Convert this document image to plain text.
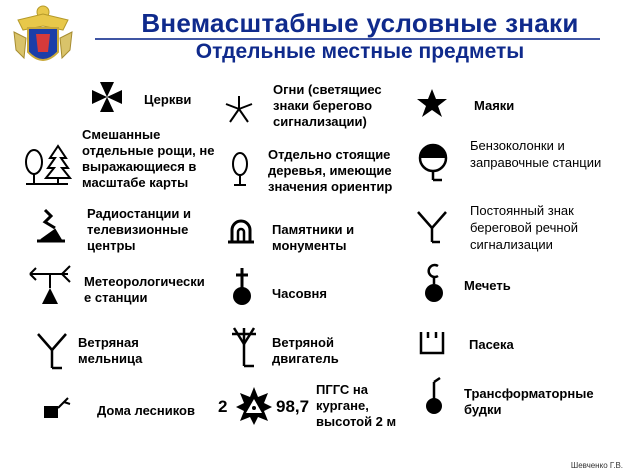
Внемасштабные условные знаки
Отдельные местные предметы
Церкви
Смешанные отдельные рощи, не выражающиеся в масштабе карты
Радиостанции и телевизионные центры
Метеорологически е станции
Ветряная мельница
Дома лесников
Огни (светящиес знаки берегово сигнализации)
Отдельно стоящие деревья, имеющие значения ориентир
Памятники и монументы
Часовня
Ветряной двигатель
2	98,7
ПГГС на кургане, высотой 2 м
Маяки
Бензоколонки и заправочные станции
Постоянный знак береговой речной сигнализации
Мечеть
Пасека
Трансформаторные будки
Шевченко Г.В.
